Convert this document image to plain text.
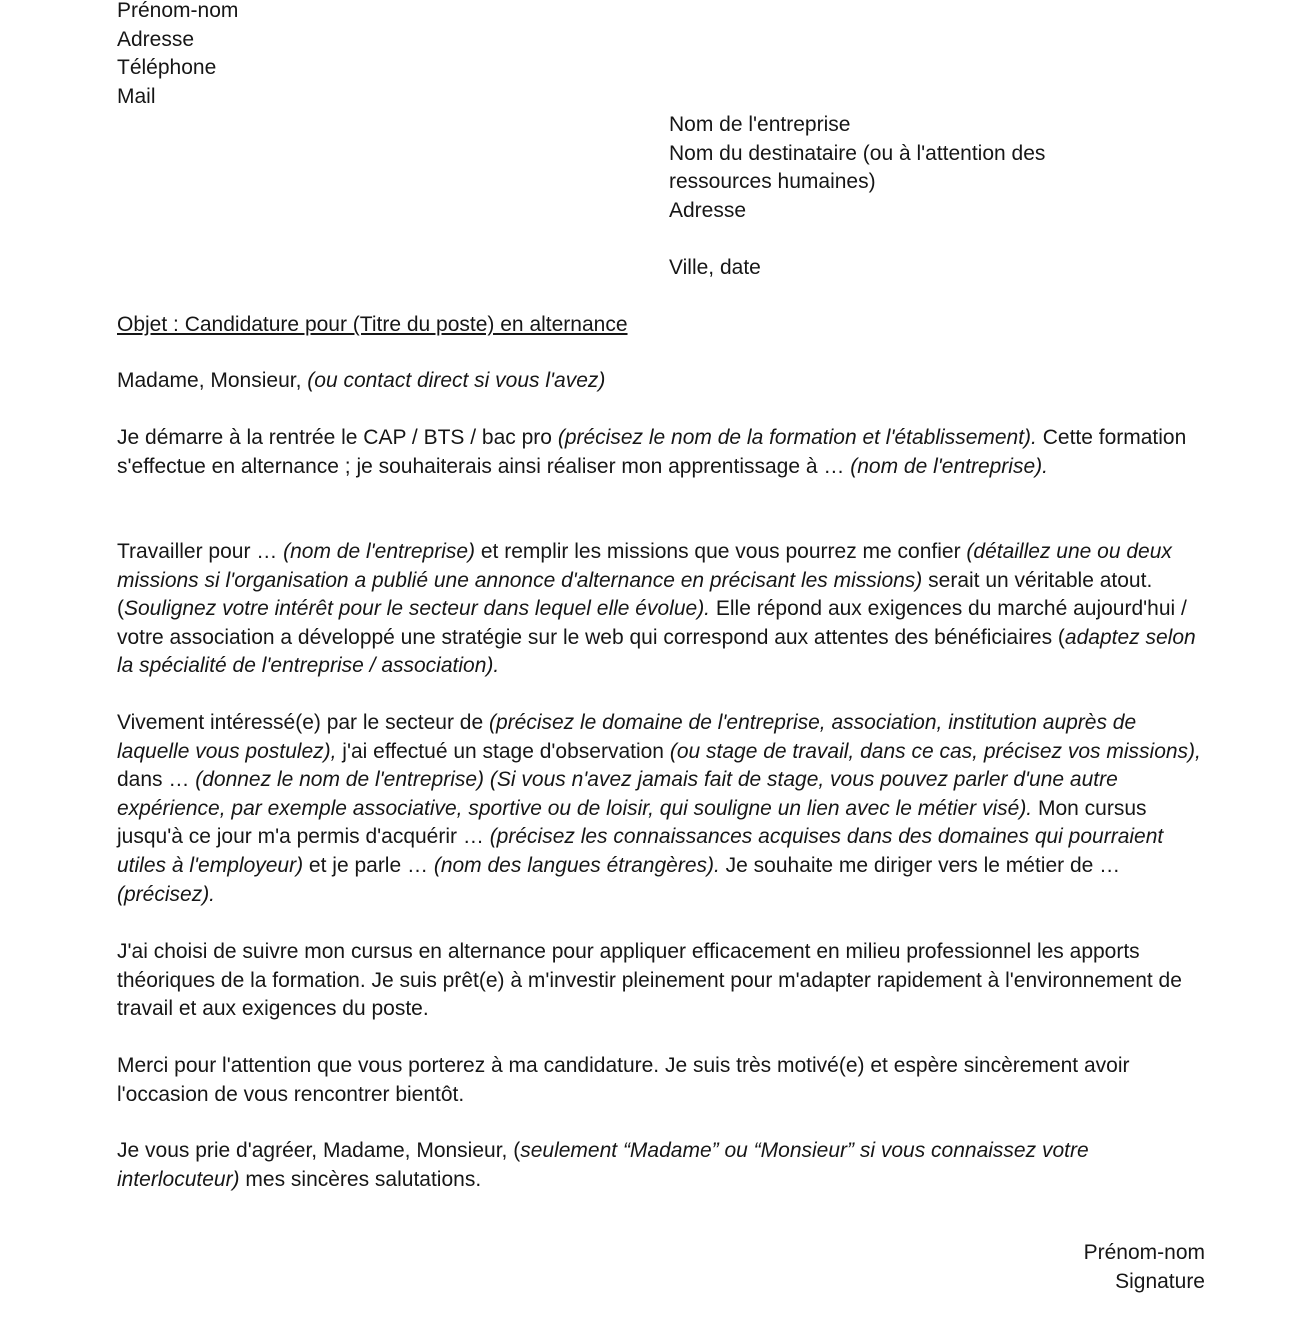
Prénom-nom
Adresse
Téléphone
Mail
Nom de l'entreprise
Nom du destinataire (ou à l'attention des
ressources humaines)
Adresse
Ville, date
Objet : Candidature pour (Titre du poste) en alternance

Madame, Monsieur, (ou contact direct si vous l'avez)

Je démarre à la rentrée le CAP / BTS / bac pro (précisez le nom de la formation et l'établissement). Cette formation s'effectue en alternance ; je souhaiterais ainsi réaliser mon apprentissage à … (nom de l'entreprise).

Travailler pour … (nom de l'entreprise) et remplir les missions que vous pourrez me confier (détaillez une ou deux missions si l'organisation a publié une annonce d'alternance en précisant les missions) serait un véritable atout. (Soulignez votre intérêt pour le secteur dans lequel elle évolue). Elle répond aux exigences du marché aujourd'hui / votre association a développé une stratégie sur le web qui correspond aux attentes des bénéficiaires (adaptez selon la spécialité de l'entreprise / association).

Vivement intéressé(e) par le secteur de (précisez le domaine de l'entreprise, association, institution auprès de laquelle vous postulez), j'ai effectué un stage d'observation (ou stage de travail, dans ce cas, précisez vos missions), dans … (donnez le nom de l'entreprise) (Si vous n'avez jamais fait de stage, vous pouvez parler d'une autre expérience, par exemple associative, sportive ou de loisir, qui souligne un lien avec le métier visé). Mon cursus jusqu'à ce jour m'a permis d'acquérir … (précisez les connaissances acquises dans des domaines qui pourraient utiles à l'employeur) et je parle … (nom des langues étrangères). Je souhaite me diriger vers le métier de … (précisez).

J'ai choisi de suivre mon cursus en alternance pour appliquer efficacement en milieu professionnel les apports théoriques de la formation. Je suis prêt(e) à m'investir pleinement pour m'adapter rapidement à l'environnement de travail et aux exigences du poste.

Merci pour l'attention que vous porterez à ma candidature. Je suis très motivé(e) et espère sincèrement avoir l'occasion de vous rencontrer bientôt.

Je vous prie d'agréer, Madame, Monsieur, (seulement “Madame” ou “Monsieur” si vous connaissez votre interlocuteur) mes sincères salutations.

Prénom-nom
Signature
